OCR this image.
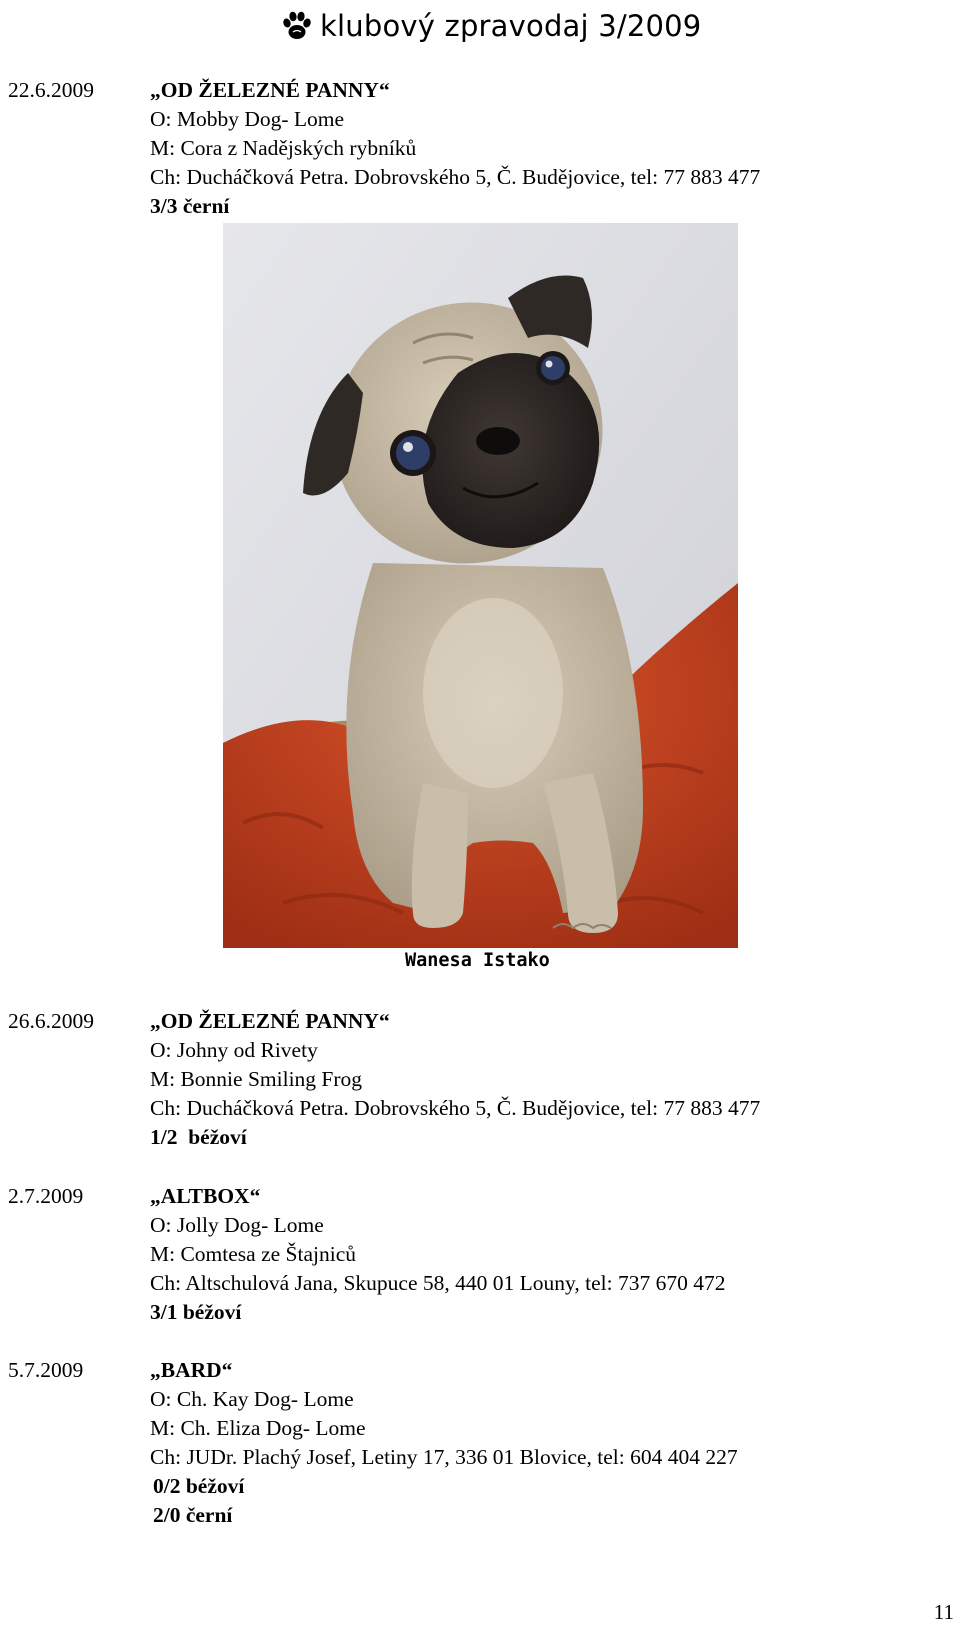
klubový zpravodaj 3/2009
22.6.2009	„OD ŽELEZNÉ PANNY“
O: Mobby Dog- Lome
M: Cora z Nadějských rybníků
Ch: Ducháčková Petra. Dobrovského 5, Č. Budějovice, tel: 77 883 477
3/3 černí
Wanesa Istako
26.6.2009	„OD ŽELEZNÉ PANNY“
O: Johny od Rivety
M: Bonnie Smiling Frog
Ch: Ducháčková Petra. Dobrovského 5, Č. Budějovice, tel: 77 883 477
1/2  béžoví
2.7.2009	„ALTBOX“
O: Jolly Dog- Lome
M: Comtesa ze Štajniců
Ch: Altschulová Jana, Skupuce 58, 440 01 Louny, tel: 737 670 472
3/1 béžoví
5.7.2009	„BARD“
O: Ch. Kay Dog- Lome
M: Ch. Eliza Dog- Lome
Ch: JUDr. Plachý Josef, Letiny 17, 336 01 Blovice, tel: 604 404 227
0/2 béžoví
2/0 černí
11
